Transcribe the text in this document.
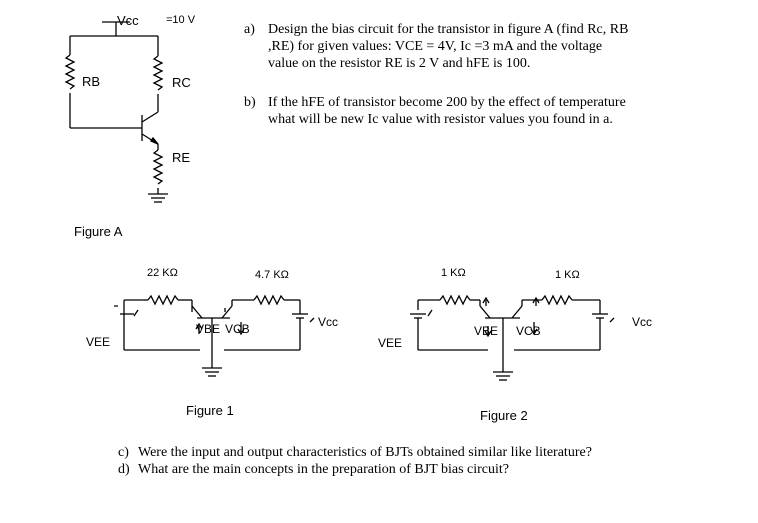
Vcc =10 V
RB	RC
RE
Figure A
a) Design the bias circuit for the transistor in figure A (find Rc, RB
,RE) for given values: VCE = 4V, Ic =3 mA and the voltage
value on the resistor RE is 2 V and hFE is 100.
b) If the hFE of transistor become 200 by the effect of temperature
what will be new Ic value with resistor values you found in a.
22 KΩ	4.7 KΩ
VEE
VBE VCB	Vcc
Figure 1
1 KΩ	1 KΩ
VEE
VBE VCB
Vcc
Figure 2
c) Were the input and output characteristics of BJTs obtained similar like literature?
d) What are the main concepts in the preparation of BJT bias circuit?
